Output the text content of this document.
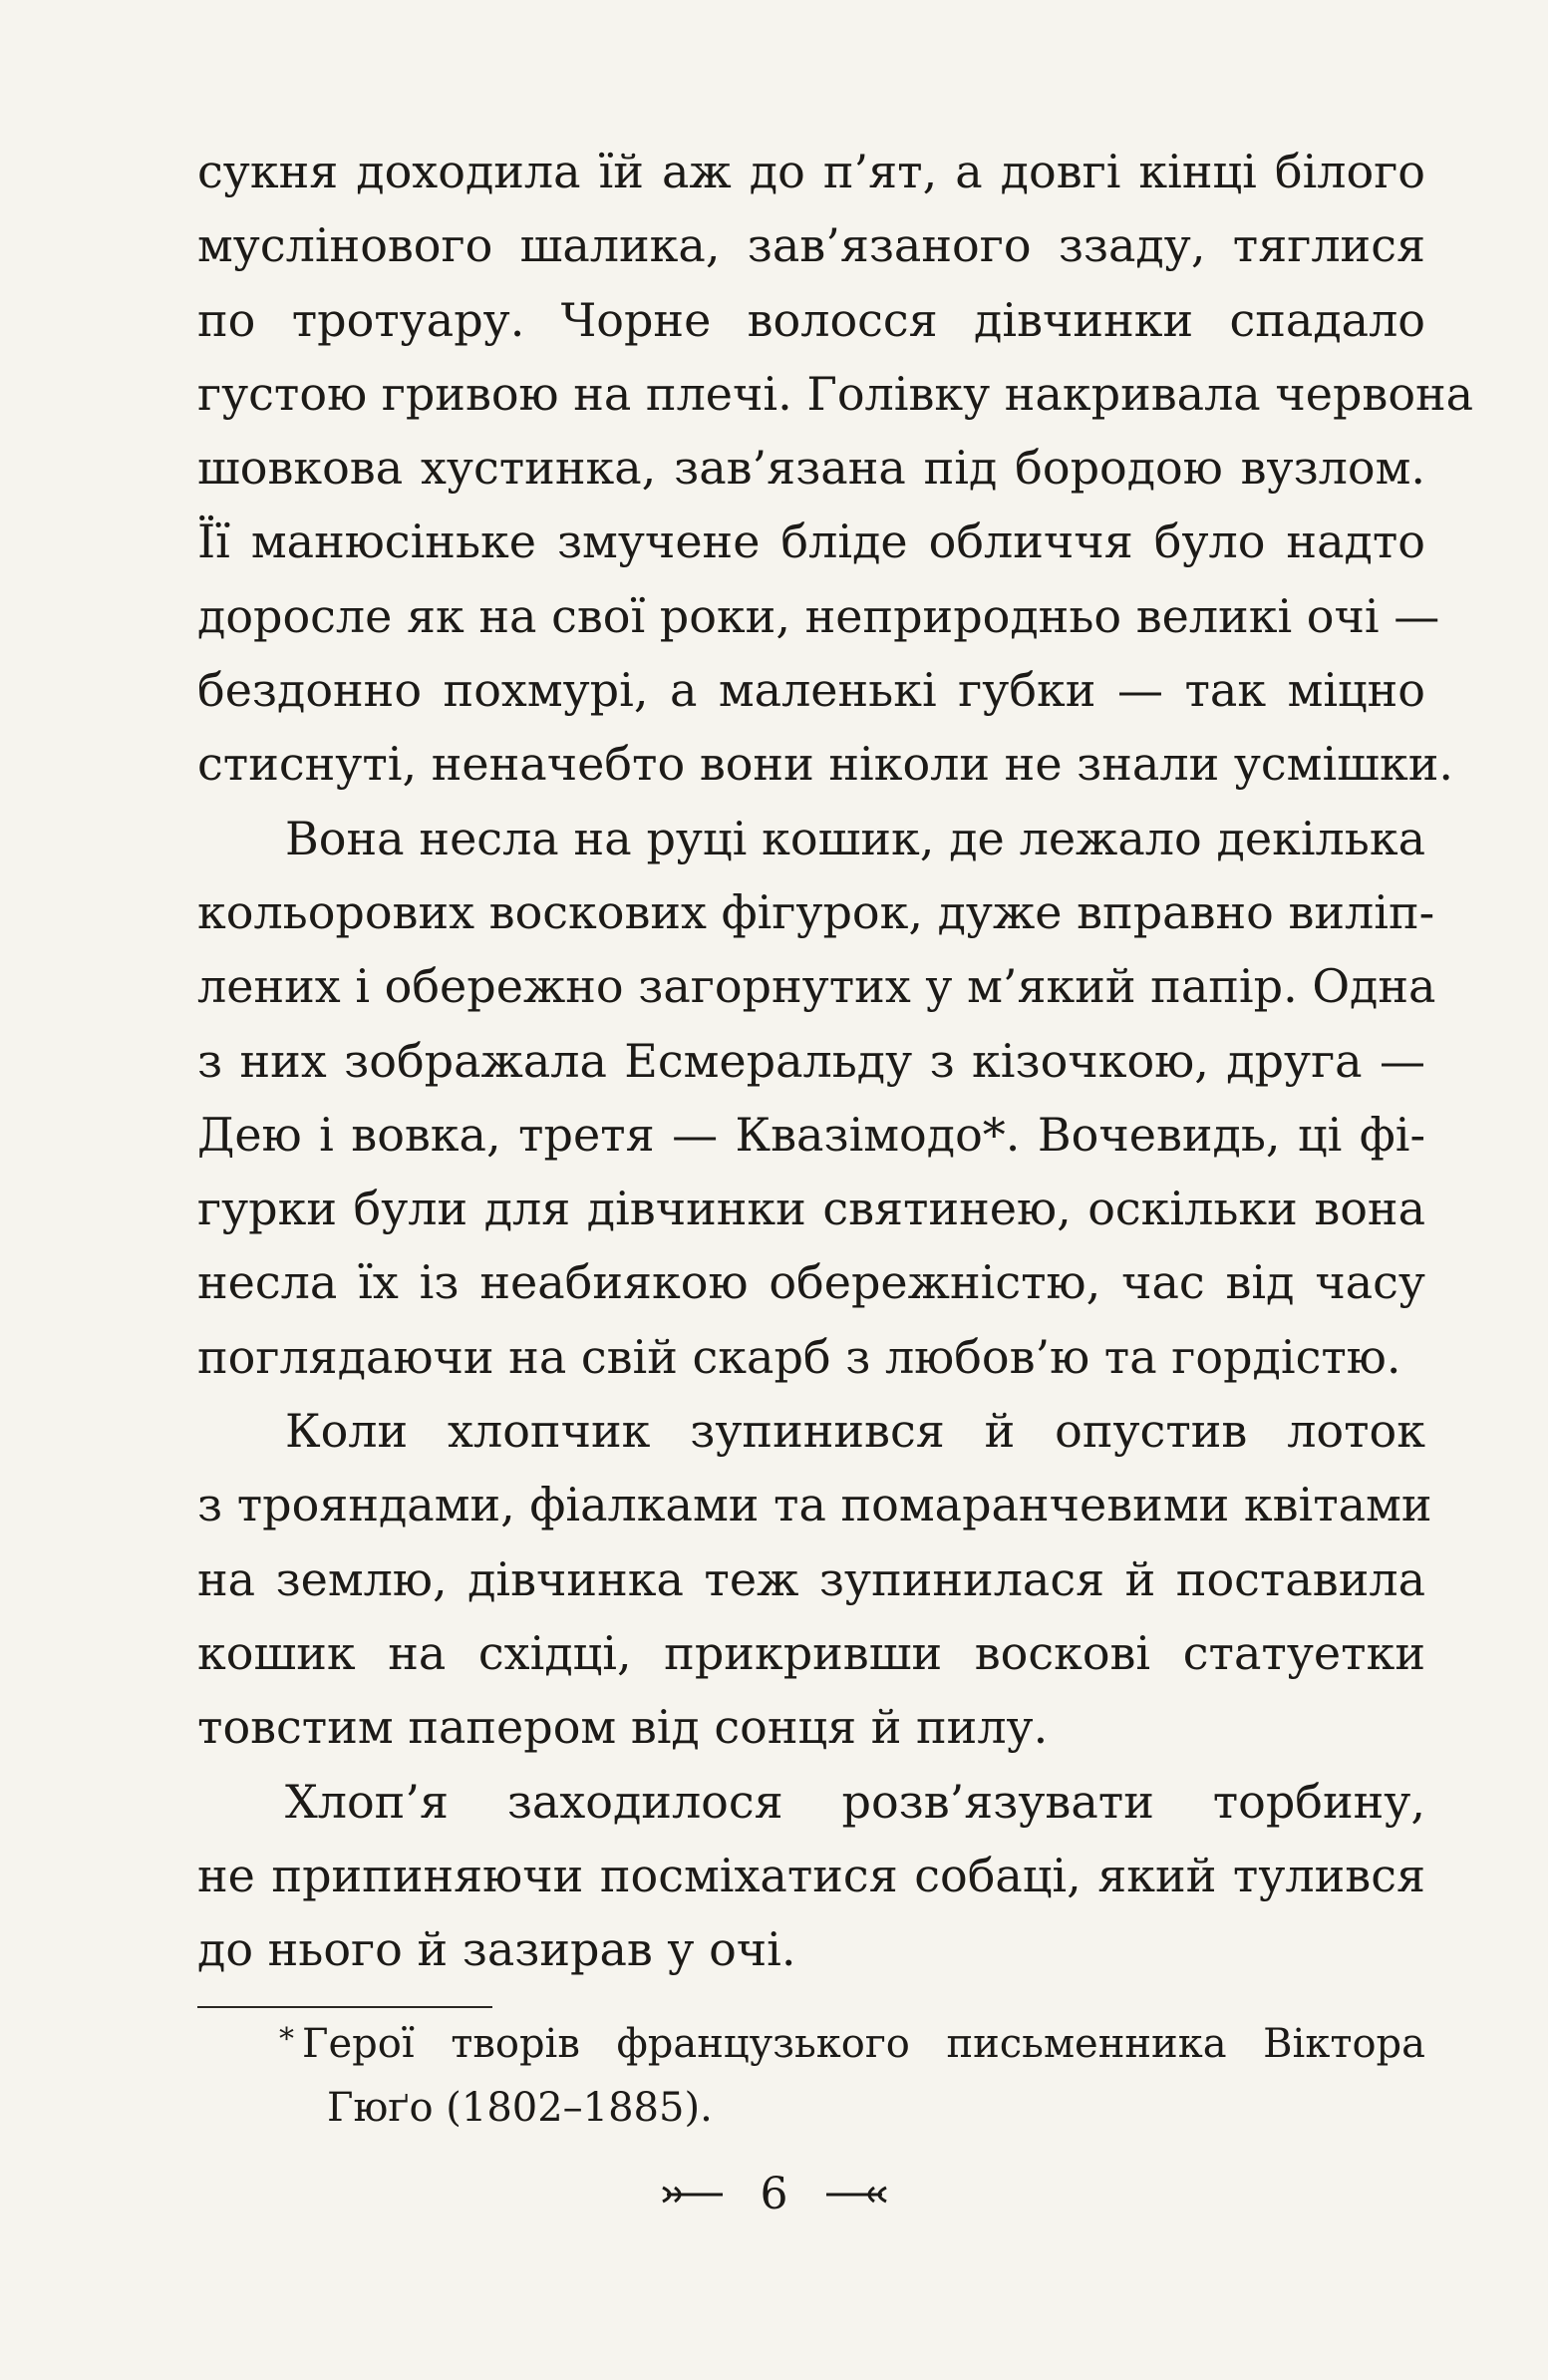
сукня доходила їй аж до п’ят, а довгі кінці білого
муслінового шалика, зав’язаного ззаду, тяглися
по тротуару. Чорне волосся дівчинки спадало
густою гривою на плечі. Голівку накривала червона
шовкова хустинка, зав’язана під бородою вузлом.
Її манюсіньке змучене бліде обличчя було надто
доросле як на свої роки, неприродньо великі очі —
бездонно похмурі, а маленькі губки — так міцно
стиснуті, неначебто вони ніколи не знали усмішки.
Вона несла на руці кошик, де лежало декілька
кольорових воскових фігурок, дуже вправно виліп-
лених і обережно загорнутих у м’який папір. Одна
з них зображала Есмеральду з кізочкою, друга —
Дею і вовка, третя — Квазімодо*. Вочевидь, ці фі-
гурки були для дівчинки святинею, оскільки вона
несла їх із неабиякою обережністю, час від часу
поглядаючи на свій скарб з любов’ю та гордістю.
Коли хлопчик зупинився й опустив лоток
з трояндами, фіалками та помаранчевими квітами
на землю, дівчинка теж зупинилася й поставила
кошик на східці, прикривши воскові статуетки
товстим папером від сонця й пилу.
Хлоп’я заходилося розв’язувати торбину,
не припиняючи посміхатися собаці, який тулився
до нього й зазирав у очі.
* Герої творів французького письменника Віктора
Гюґо (1802–1885).
6
